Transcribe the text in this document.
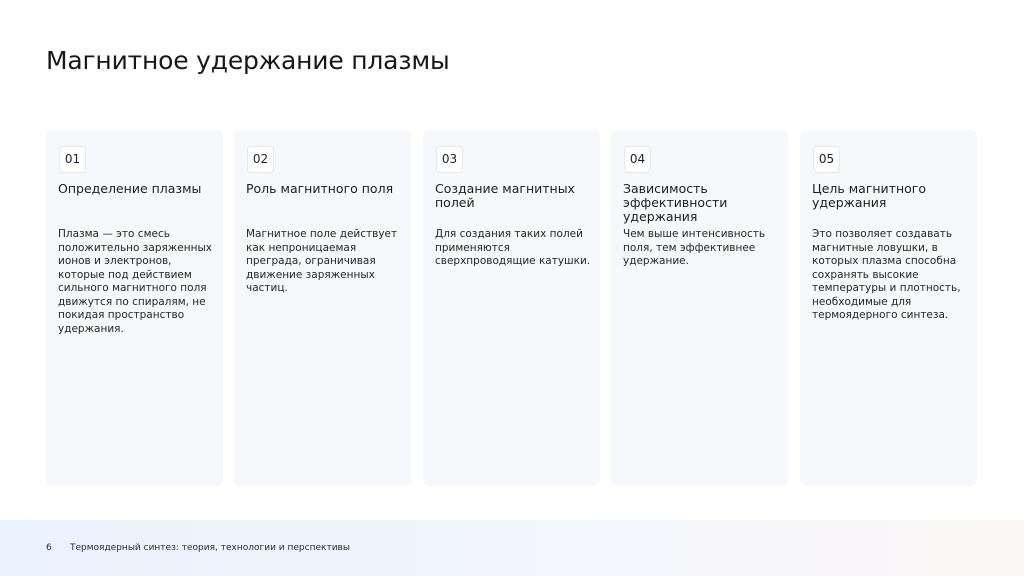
Магнитное удержание плазмы
01
Определение плазмы
Плазма — это смесь положительно заряженных ионов и электронов, которые под действием сильного магнитного поля движутся по спиралям, не покидая пространство удержания.
02
Роль магнитного поля
Магнитное поле действует как непроницаемая преграда, ограничивая движение заряженных частиц.
03
Создание магнитных полей
Для создания таких полей применяются сверхпроводящие катушки.
04
Зависимость эффективности удержания
Чем выше интенсивность поля, тем эффективнее удержание.
05
Цель магнитного удержания
Это позволяет создавать магнитные ловушки, в которых плазма способна сохранять высокие температуры и плотность, необходимые для термоядерного синтеза.
6 Термоядерный синтез: теория, технологии и перспективы
